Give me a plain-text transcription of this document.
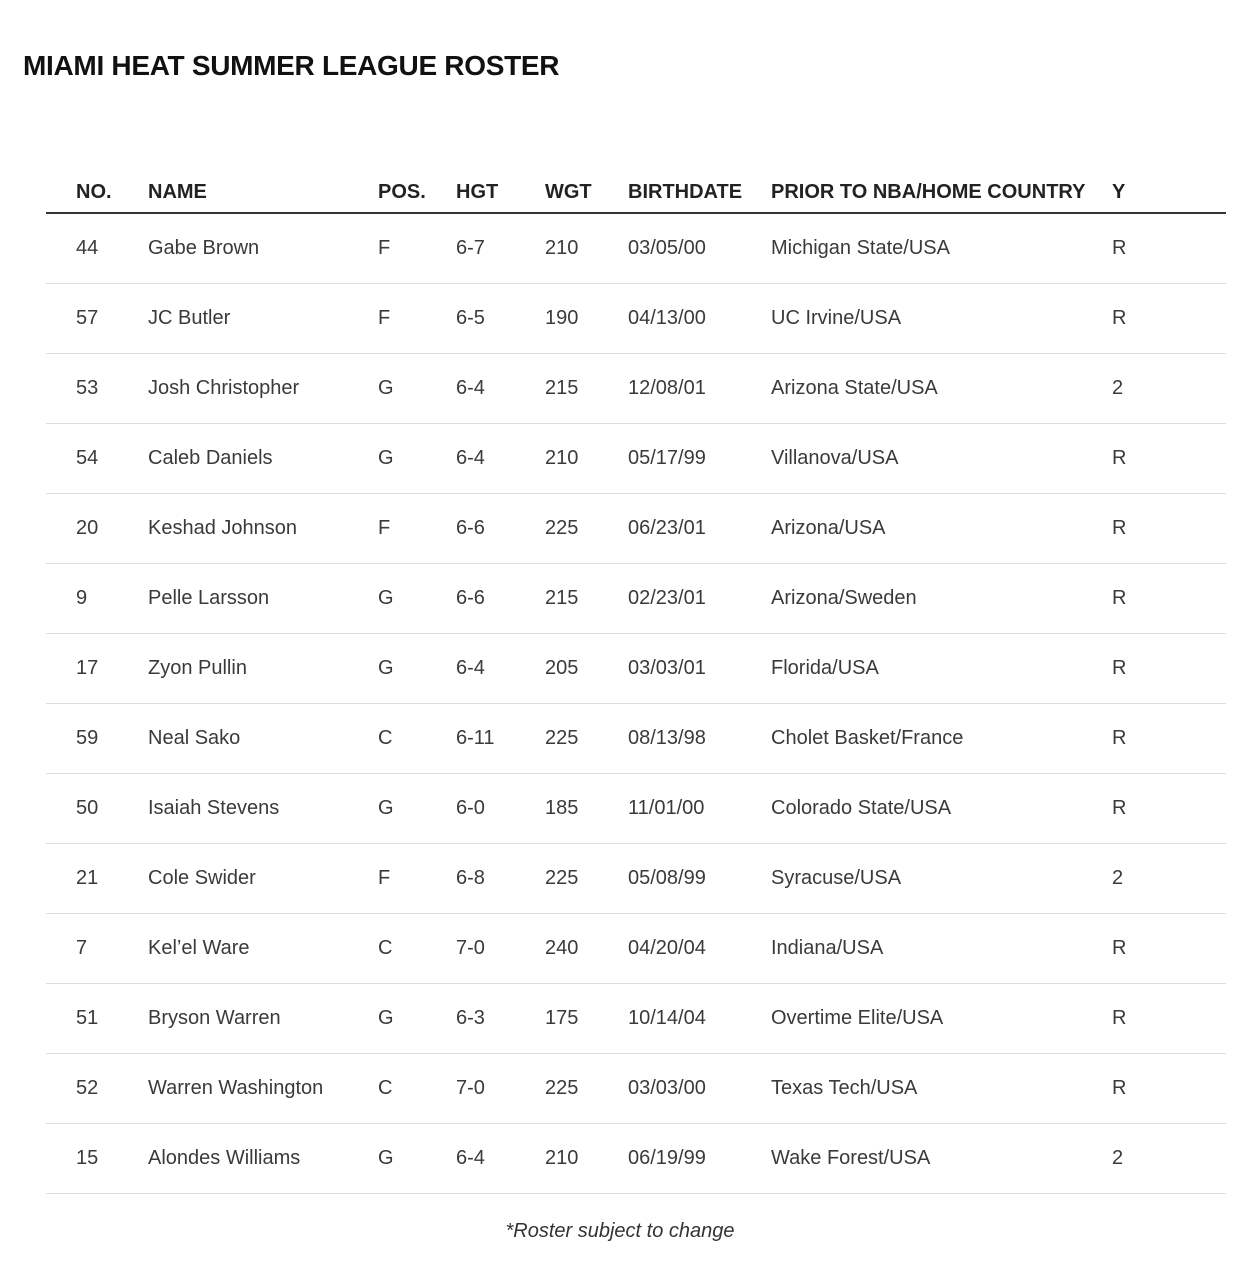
MIAMI HEAT SUMMER LEAGUE ROSTER
NO.	NAME	POS.	HGT	WGT	BIRTHDATE	PRIOR TO NBA/HOME COUNTRY	Y
44	Gabe Brown	F	6-7	210	03/05/00	Michigan State/USA	R
57	JC Butler	F	6-5	190	04/13/00	UC Irvine/USA	R
53	Josh Christopher	G	6-4	215	12/08/01	Arizona State/USA	2
54	Caleb Daniels	G	6-4	210	05/17/99	Villanova/USA	R
20	Keshad Johnson	F	6-6	225	06/23/01	Arizona/USA	R
9	Pelle Larsson	G	6-6	215	02/23/01	Arizona/Sweden	R
17	Zyon Pullin	G	6-4	205	03/03/01	Florida/USA	R
59	Neal Sako	C	6-11	225	08/13/98	Cholet Basket/France	R
50	Isaiah Stevens	G	6-0	185	11/01/00	Colorado State/USA	R
21	Cole Swider	F	6-8	225	05/08/99	Syracuse/USA	2
7	Kel’el Ware	C	7-0	240	04/20/04	Indiana/USA	R
51	Bryson Warren	G	6-3	175	10/14/04	Overtime Elite/USA	R
52	Warren Washington	C	7-0	225	03/03/00	Texas Tech/USA	R
15	Alondes Williams	G	6-4	210	06/19/99	Wake Forest/USA	2
*Roster subject to change
